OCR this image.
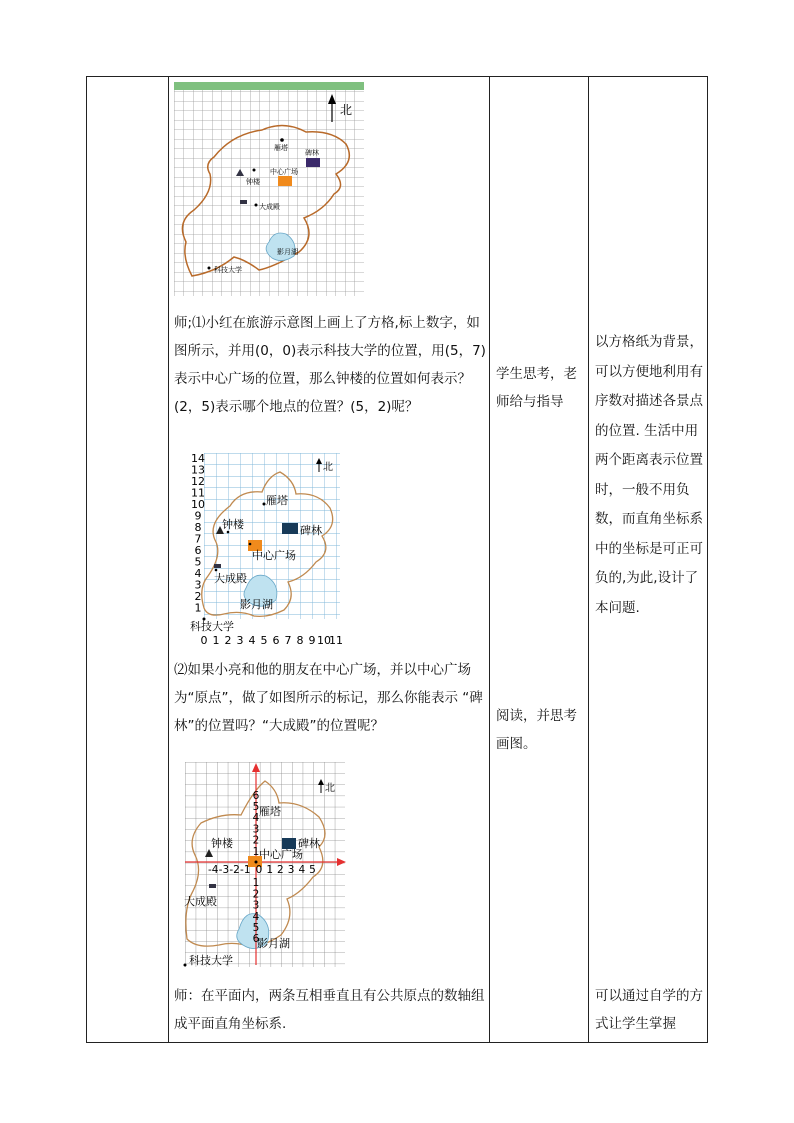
北
雁塔
碑林
钟楼
中心广场
大成殿
影月湖
科技大学
师;⑴小红在旅游示意图上画上了方格,标上数字，如图所示，并用(0，0)表示科技大学的位置，用(5，7)表示中心广场的位置，那么钟楼的位置如何表示？(2，5)表示哪个地点的位置？(5，2)呢？
北
雁塔
碑林
钟楼
中心广场
大成殿
影月湖
科技大学
0 1 2 3 4 5 6 7 8 9 10
11
1
2
3
4
5
6
7
8
9
10
11
12
13
14
⑵如果小亮和他的朋友在中心广场，并以中心广场为“原点”，做了如图所示的标记，那么你能表示 “碑林”的位置吗？“大成殿”的位置呢？
北
雁塔
碑林
钟楼
中心广场
大成殿
影月湖
科技大学
-4 -3 -2 -1 0 1 2 3 4 5
1
2
3
4
5
6
1
2
3
4
5
6
师：在平面内，两条互相垂直且有公共原点的数轴组成平面直角坐标系.
学生思考，老师给与指导
阅读，并思考画图。
以方格纸为背景，可以方便地利用有序数对描述各景点的位置. 生活中用两个距离表示位置时，一般不用负数，而直角坐标系中的坐标是可正可负的,为此,设计了本问题.
可以通过自学的方式让学生掌握
